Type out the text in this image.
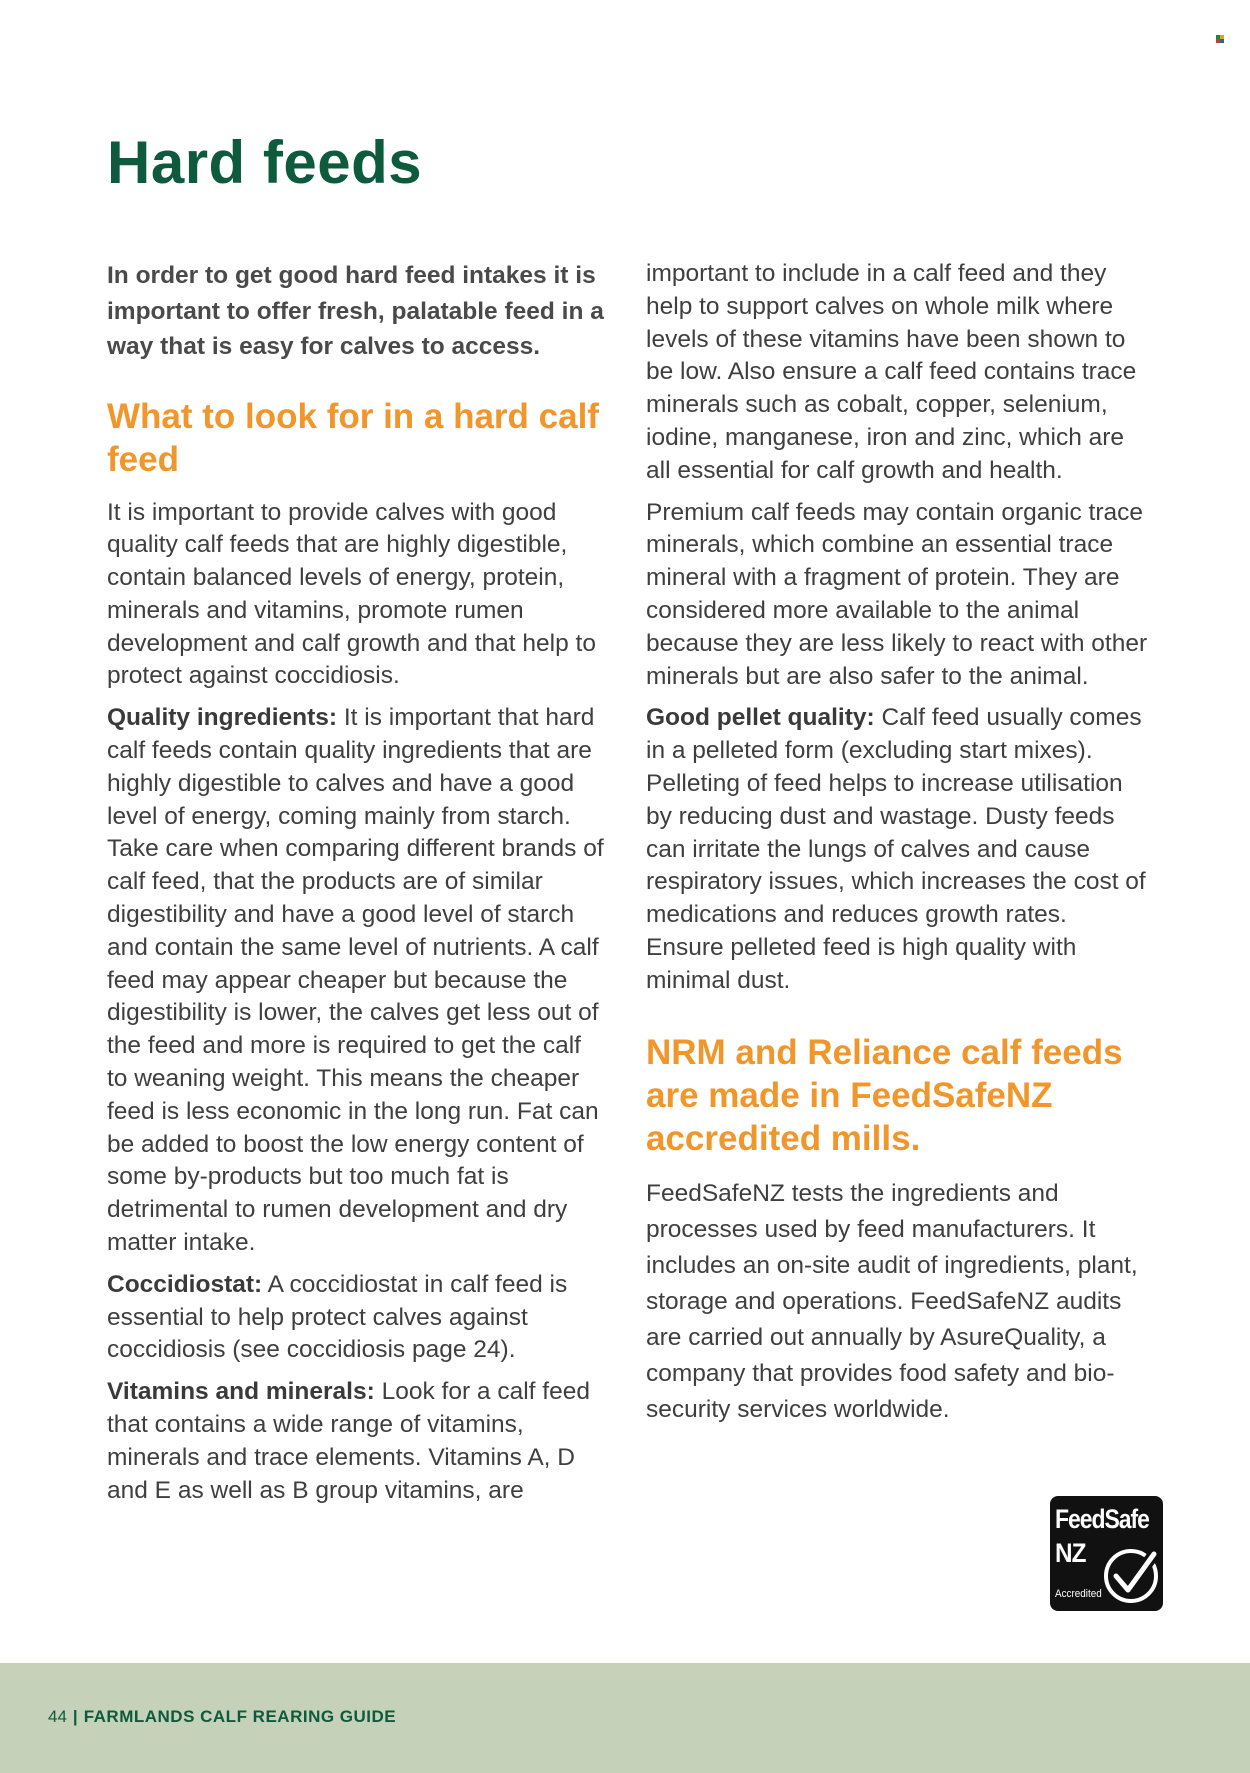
Hard feeds

In order to get good hard feed intakes it is important to offer fresh, palatable feed in a way that is easy for calves to access.

What to look for in a hard calf feed

It is important to provide calves with good quality calf feeds that are highly digestible, contain balanced levels of energy, protein, minerals and vitamins, promote rumen development and calf growth and that help to protect against coccidiosis.

Quality ingredients: It is important that hard calf feeds contain quality ingredients that are highly digestible to calves and have a good level of energy, coming mainly from starch. Take care when comparing different brands of calf feed, that the products are of similar digestibility and have a good level of starch and contain the same level of nutrients. A calf feed may appear cheaper but because the digestibility is lower, the calves get less out of the feed and more is required to get the calf to weaning weight. This means the cheaper feed is less economic in the long run. Fat can be added to boost the low energy content of some by-products but too much fat is detrimental to rumen development and dry matter intake.

Coccidiostat: A coccidiostat in calf feed is essential to help protect calves against coccidiosis (see coccidiosis page 24).

Vitamins and minerals: Look for a calf feed that contains a wide range of vitamins, minerals and trace elements. Vitamins A, D and E as well as B group vitamins, are

important to include in a calf feed and they help to support calves on whole milk where levels of these vitamins have been shown to be low. Also ensure a calf feed contains trace minerals such as cobalt, copper, selenium, iodine, manganese, iron and zinc, which are all essential for calf growth and health.

Premium calf feeds may contain organic trace minerals, which combine an essential trace mineral with a fragment of protein. They are considered more available to the animal because they are less likely to react with other minerals but are also safer to the animal.

Good pellet quality: Calf feed usually comes in a pelleted form (excluding start mixes). Pelleting of feed helps to increase utilisation by reducing dust and wastage. Dusty feeds can irritate the lungs of calves and cause respiratory issues, which increases the cost of medications and reduces growth rates. Ensure pelleted feed is high quality with minimal dust.

NRM and Reliance calf feeds are made in FeedSafeNZ accredited mills.

FeedSafeNZ tests the ingredients and processes used by feed manufacturers. It includes an on-site audit of ingredients, plant, storage and operations. FeedSafeNZ audits are carried out annually by AsureQuality, a company that provides food safety and bio-security services worldwide.

FeedSafe
NZ
Accredited
44 | FARMLANDS CALF REARING GUIDE
